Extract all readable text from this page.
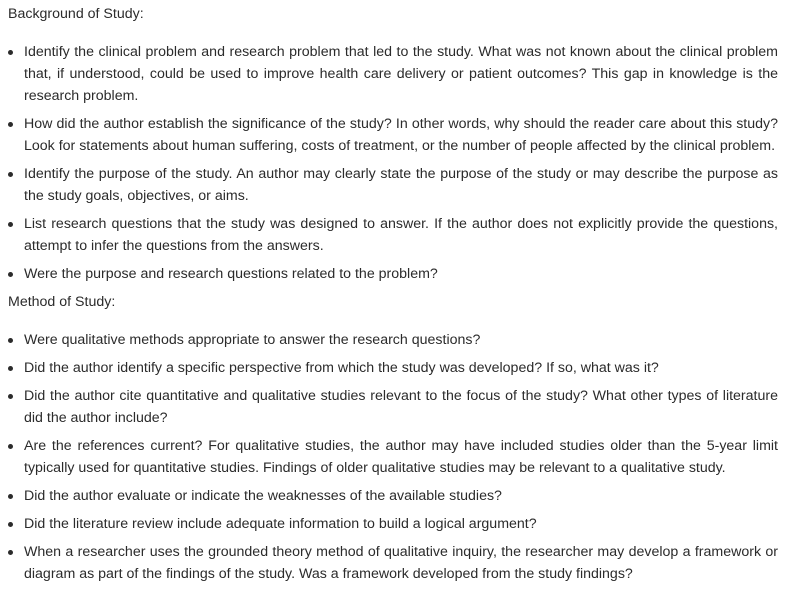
Background of Study:

Identify the clinical problem and research problem that led to the study. What was not known about the clinical problem that, if understood, could be used to improve health care delivery or patient outcomes? This gap in knowledge is the research problem.
How did the author establish the significance of the study? In other words, why should the reader care about this study? Look for statements about human suffering, costs of treatment, or the number of people affected by the clinical problem.
Identify the purpose of the study. An author may clearly state the purpose of the study or may describe the purpose as the study goals, objectives, or aims.
List research questions that the study was designed to answer. If the author does not explicitly provide the questions, attempt to infer the questions from the answers.
Were the purpose and research questions related to the problem?

Method of Study:

Were qualitative methods appropriate to answer the research questions?
Did the author identify a specific perspective from which the study was developed? If so, what was it?
Did the author cite quantitative and qualitative studies relevant to the focus of the study? What other types of literature did the author include?
Are the references current? For qualitative studies, the author may have included studies older than the 5-year limit typically used for quantitative studies. Findings of older qualitative studies may be relevant to a qualitative study.
Did the author evaluate or indicate the weaknesses of the available studies?
Did the literature review include adequate information to build a logical argument?
When a researcher uses the grounded theory method of qualitative inquiry, the researcher may develop a framework or diagram as part of the findings of the study. Was a framework developed from the study findings?
